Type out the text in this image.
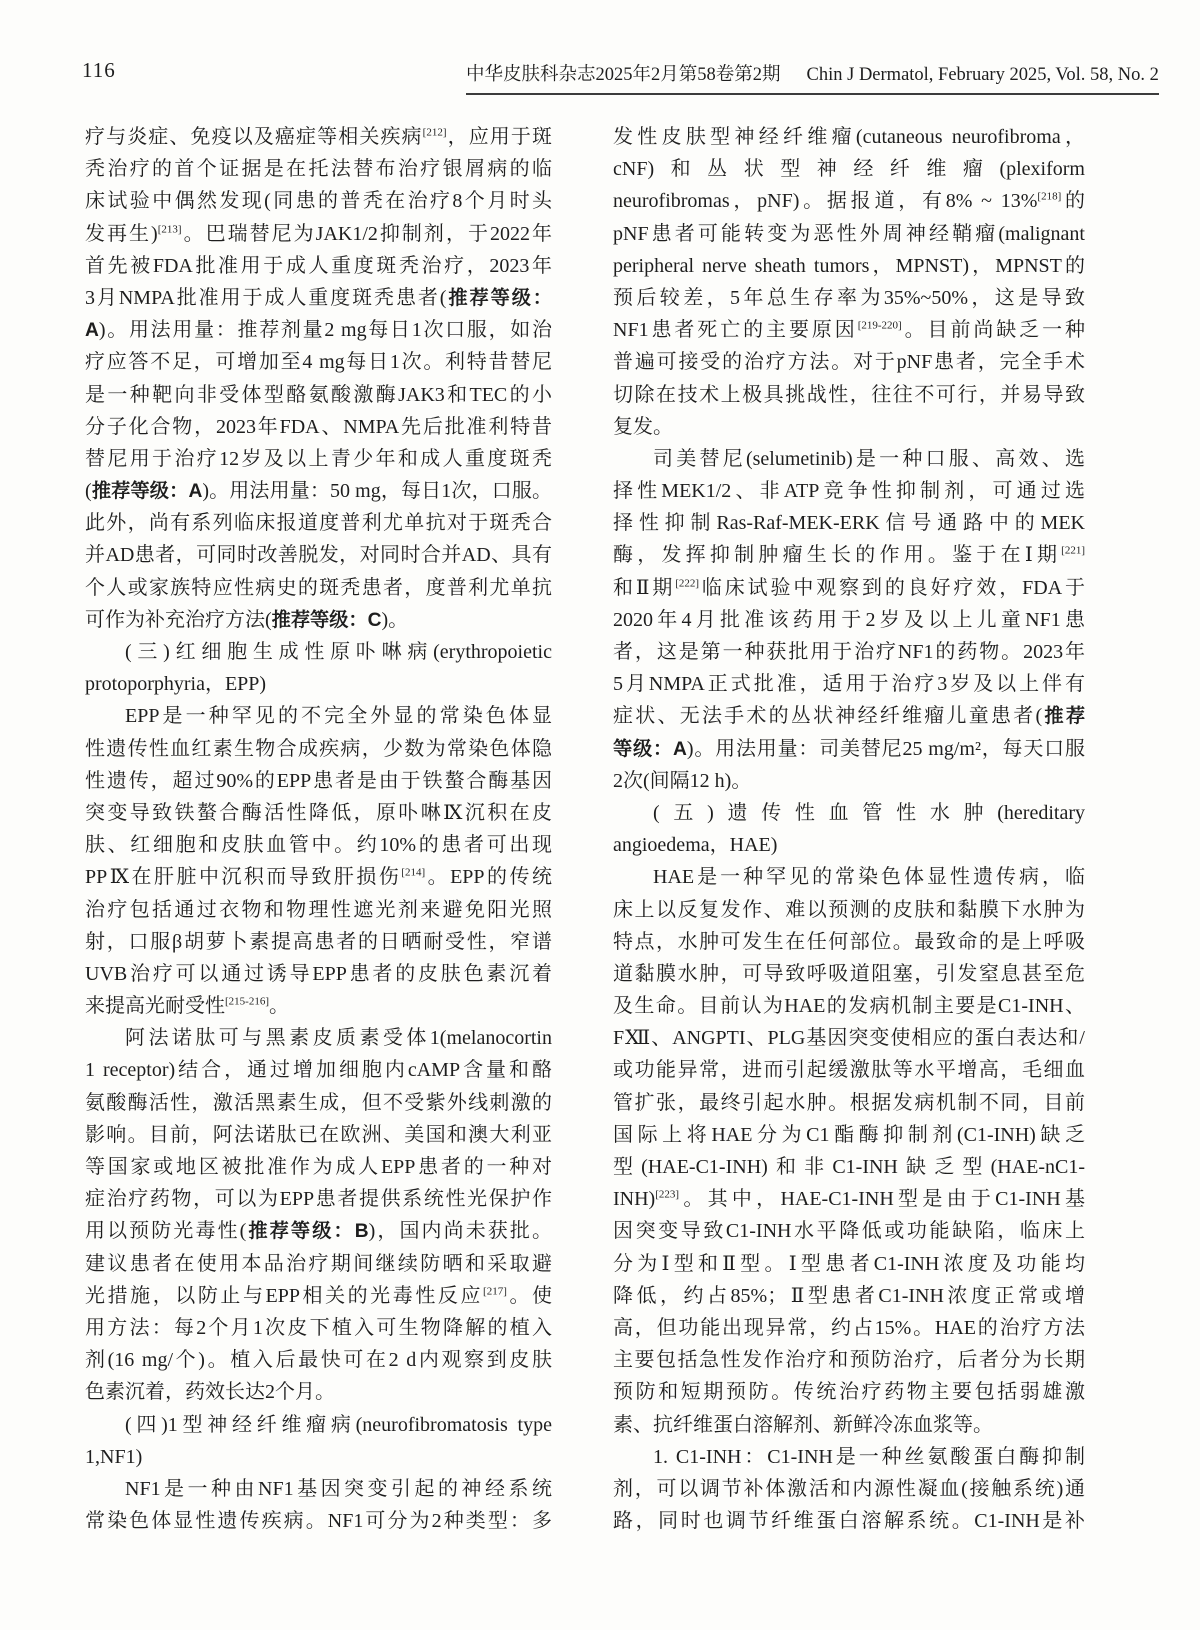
116	中华皮肤科杂志2025年2月第58卷第2期 Chin J Dermatol, February 2025, Vol. 58, No. 2
疗与炎症、免疫以及癌症等相关疾病[212]，应用于斑
秃治疗的首个证据是在托法替布治疗银屑病的临
床试验中偶然发现(同患的普秃在治疗8个月时头
发再生)[213]。巴瑞替尼为JAK1/2抑制剂，于2022年
首先被FDA批准用于成人重度斑秃治疗，2023年
3月NMPA批准用于成人重度斑秃患者(推荐等级：
A)。用法用量：推荐剂量2 mg每日1次口服，如治
疗应答不足，可增加至4 mg每日1次。利特昔替尼
是一种靶向非受体型酪氨酸激酶JAK3和TEC的小
分子化合物，2023年FDA、NMPA先后批准利特昔
替尼用于治疗12岁及以上青少年和成人重度斑秃
(推荐等级：A)。用法用量：50 mg，每日1次，口服。
此外，尚有系列临床报道度普利尤单抗对于斑秃合
并AD患者，可同时改善脱发，对同时合并AD、具有
个人或家族特应性病史的斑秃患者，度普利尤单抗
可作为补充治疗方法(推荐等级：C)。
(三)红细胞生成性原卟啉病(erythropoietic
protoporphyria，EPP)
EPP是一种罕见的不完全外显的常染色体显
性遗传性血红素生物合成疾病，少数为常染色体隐
性遗传，超过90%的EPP患者是由于铁螯合酶基因
突变导致铁螯合酶活性降低，原卟啉Ⅸ沉积在皮
肤、红细胞和皮肤血管中。约10%的患者可出现
PPⅨ在肝脏中沉积而导致肝损伤[214]。EPP的传统
治疗包括通过衣物和物理性遮光剂来避免阳光照
射，口服β胡萝卜素提高患者的日晒耐受性，窄谱
UVB治疗可以通过诱导EPP患者的皮肤色素沉着
来提高光耐受性[215-216]。
阿法诺肽可与黑素皮质素受体1(melanocortin
1 receptor)结合，通过增加细胞内cAMP含量和酪
氨酸酶活性，激活黑素生成，但不受紫外线刺激的
影响。目前，阿法诺肽已在欧洲、美国和澳大利亚
等国家或地区被批准作为成人EPP患者的一种对
症治疗药物，可以为EPP患者提供系统性光保护作
用以预防光毒性(推荐等级：B)，国内尚未获批。
建议患者在使用本品治疗期间继续防晒和采取避
光措施，以防止与EPP相关的光毒性反应[217]。使
用方法：每2个月1次皮下植入可生物降解的植入
剂(16 mg/个)。植入后最快可在2 d内观察到皮肤
色素沉着，药效长达2个月。
(四)1型神经纤维瘤病(neurofibromatosis type
1,NF1)
NF1是一种由NF1基因突变引起的神经系统
常染色体显性遗传疾病。NF1可分为2种类型：多
发性皮肤型神经纤维瘤(cutaneous neurofibroma，
cNF)和丛状型神经纤维瘤(plexiform
neurofibromas，pNF)。据报道，有8% ~ 13%[218]的
pNF患者可能转变为恶性外周神经鞘瘤(malignant
peripheral nerve sheath tumors，MPNST)，MPNST的
预后较差，5年总生存率为35%~50%，这是导致
NF1患者死亡的主要原因[219-220]。目前尚缺乏一种
普遍可接受的治疗方法。对于pNF患者，完全手术
切除在技术上极具挑战性，往往不可行，并易导致
复发。
司美替尼(selumetinib)是一种口服、高效、选
择性MEK1/2、非ATP竞争性抑制剂，可通过选
择性抑制Ras-Raf-MEK-ERK信号通路中的MEK
酶，发挥抑制肿瘤生长的作用。鉴于在Ⅰ期[221]
和Ⅱ期[222]临床试验中观察到的良好疗效，FDA于
2020年4月批准该药用于2岁及以上儿童NF1患
者，这是第一种获批用于治疗NF1的药物。2023年
5月NMPA正式批准，适用于治疗3岁及以上伴有
症状、无法手术的丛状神经纤维瘤儿童患者(推荐
等级：A)。用法用量：司美替尼25 mg/m²，每天口服
2次(间隔12 h)。
(五)遗传性血管性水肿(hereditary
angioedema，HAE)
HAE是一种罕见的常染色体显性遗传病，临
床上以反复发作、难以预测的皮肤和黏膜下水肿为
特点，水肿可发生在任何部位。最致命的是上呼吸
道黏膜水肿，可导致呼吸道阻塞，引发窒息甚至危
及生命。目前认为HAE的发病机制主要是C1-INH、
FⅫ、ANGPTI、PLG基因突变使相应的蛋白表达和/
或功能异常，进而引起缓激肽等水平增高，毛细血
管扩张，最终引起水肿。根据发病机制不同，目前
国际上将HAE分为C1酯酶抑制剂(C1-INH)缺乏
型(HAE-C1-INH)和非C1-INH缺乏型(HAE-nC1-
INH)[223]。其中，HAE-C1-INH型是由于C1-INH基
因突变导致C1-INH水平降低或功能缺陷，临床上
分为Ⅰ型和Ⅱ型。Ⅰ型患者C1-INH浓度及功能均
降低，约占85%；Ⅱ型患者C1-INH浓度正常或增
高，但功能出现异常，约占15%。HAE的治疗方法
主要包括急性发作治疗和预防治疗，后者分为长期
预防和短期预防。传统治疗药物主要包括弱雄激
素、抗纤维蛋白溶解剂、新鲜冷冻血浆等。
1. C1-INH：C1-INH是一种丝氨酸蛋白酶抑制
剂，可以调节补体激活和内源性凝血(接触系统)通
路，同时也调节纤维蛋白溶解系统。C1-INH是补
